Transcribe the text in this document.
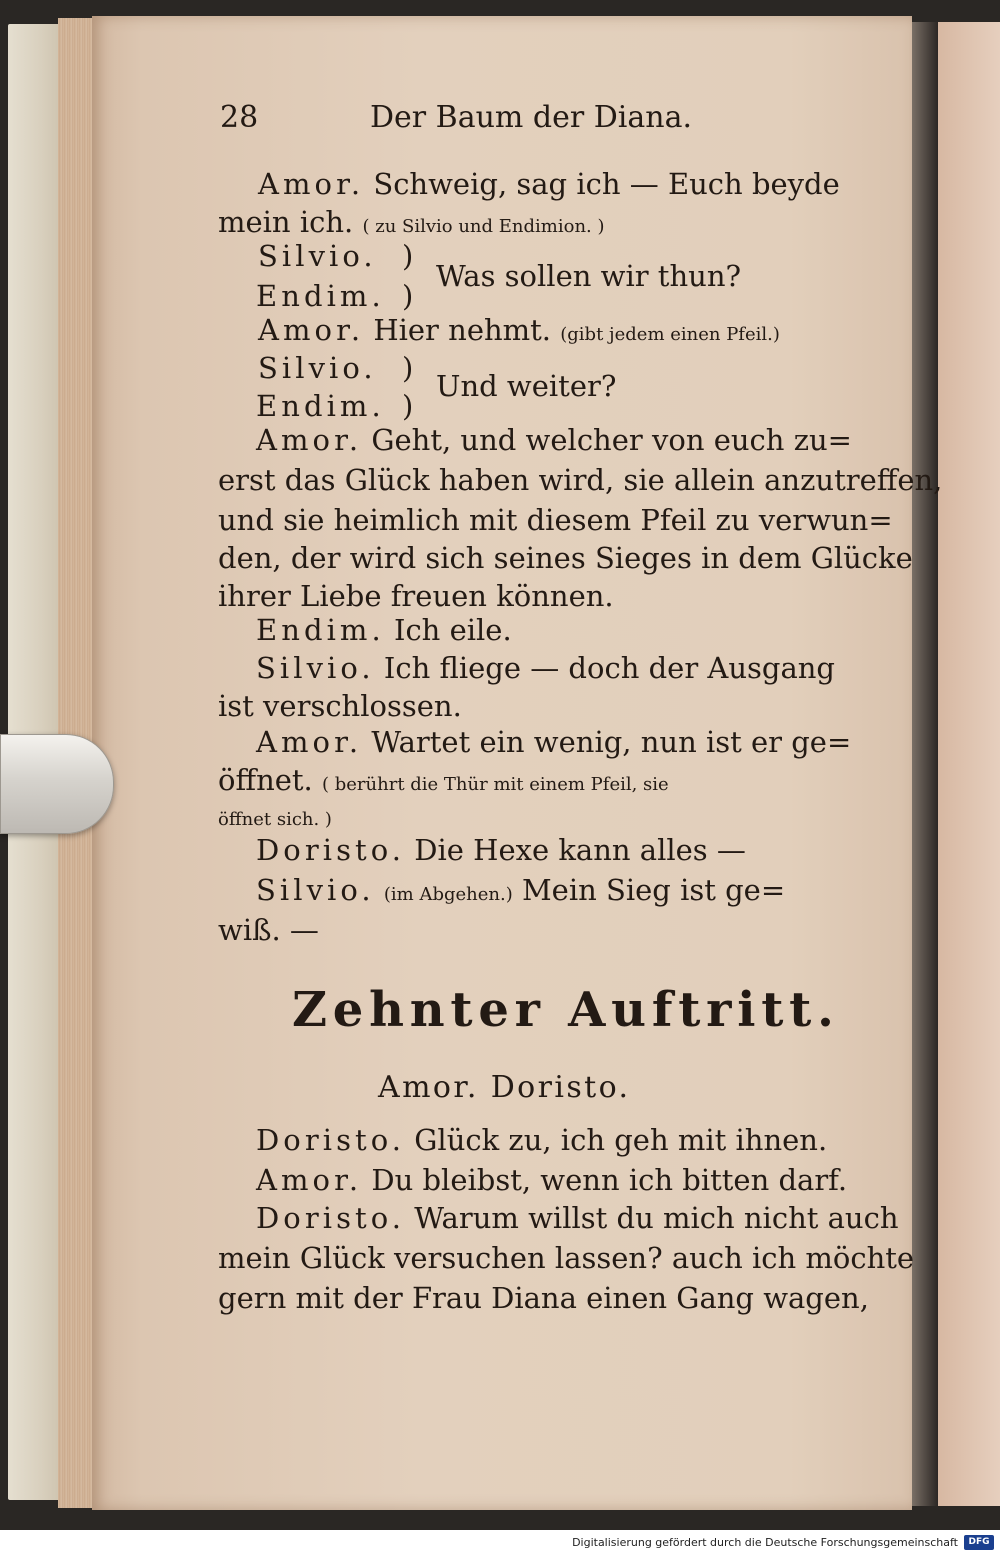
28	Der Baum der Diana.
Amor. Schweig, sag ich — Euch beyde
mein ich. ( zu Silvio und Endimion. )
Silvio. )
Was sollen wir thun?
Endim. )
Amor. Hier nehmt. (gibt jedem einen Pfeil.)
Silvio. )
Und weiter?
Endim. )
Amor. Geht, und welcher von euch zu=
erst das Glück haben wird, sie allein anzutreffen,
und sie heimlich mit diesem Pfeil zu verwun=
den, der wird sich seines Sieges in dem Glücke
ihrer Liebe freuen können.
Endim. Ich eile.
Silvio. Ich fliege — doch der Ausgang
ist verschlossen.
Amor. Wartet ein wenig, nun ist er ge=
öffnet. ( berührt die Thür mit einem Pfeil, sie
öffnet sich. )
Doristo. Die Hexe kann alles —
Silvio. (im Abgehen.) Mein Sieg ist ge=
wiß. —
Zehnter Auftritt.
Amor. Doristo.
Doristo. Glück zu, ich geh mit ihnen.
Amor. Du bleibst, wenn ich bitten darf.
Doristo. Warum willst du mich nicht auch
mein Glück versuchen lassen? auch ich möchte
gern mit der Frau Diana einen Gang wagen,
Digitalisierung gefördert durch die Deutsche Forschungsgemeinschaft	DFG
